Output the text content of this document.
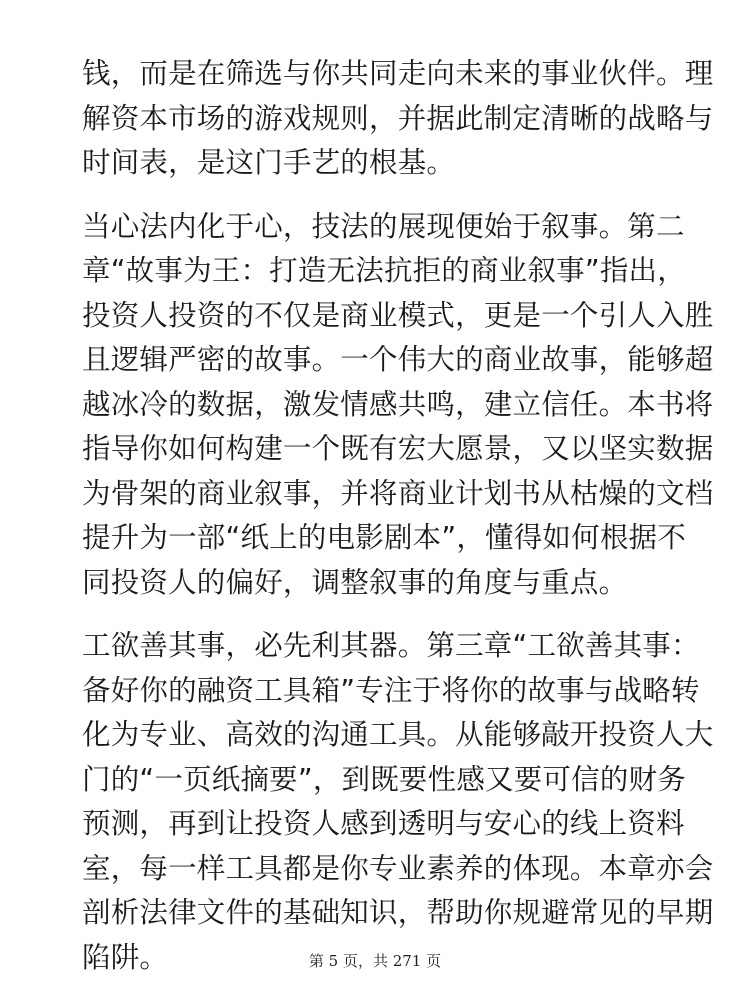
钱，而是在筛选与你共同走向未来的事业伙伴。理
解资本市场的游戏规则，并据此制定清晰的战略与
时间表，是这门手艺的根基。
当心法内化于心，技法的展现便始于叙事。第二
章“故事为王：打造无法抗拒的商业叙事”指出，
投资人投资的不仅是商业模式，更是一个引人入胜
且逻辑严密的故事。一个伟大的商业故事，能够超
越冰冷的数据，激发情感共鸣，建立信任。本书将
指导你如何构建一个既有宏大愿景，又以坚实数据
为骨架的商业叙事，并将商业计划书从枯燥的文档
提升为一部“纸上的电影剧本”，懂得如何根据不
同投资人的偏好，调整叙事的角度与重点。
工欲善其事，必先利其器。第三章“工欲善其事：
备好你的融资工具箱”专注于将你的故事与战略转
化为专业、高效的沟通工具。从能够敲开投资人大
门的“一页纸摘要”，到既要性感又要可信的财务
预测，再到让投资人感到透明与安心的线上资料
室，每一样工具都是你专业素养的体现。本章亦会
剖析法律文件的基础知识，帮助你规避常见的早期
陷阱。	第 5 页，共 271 页
